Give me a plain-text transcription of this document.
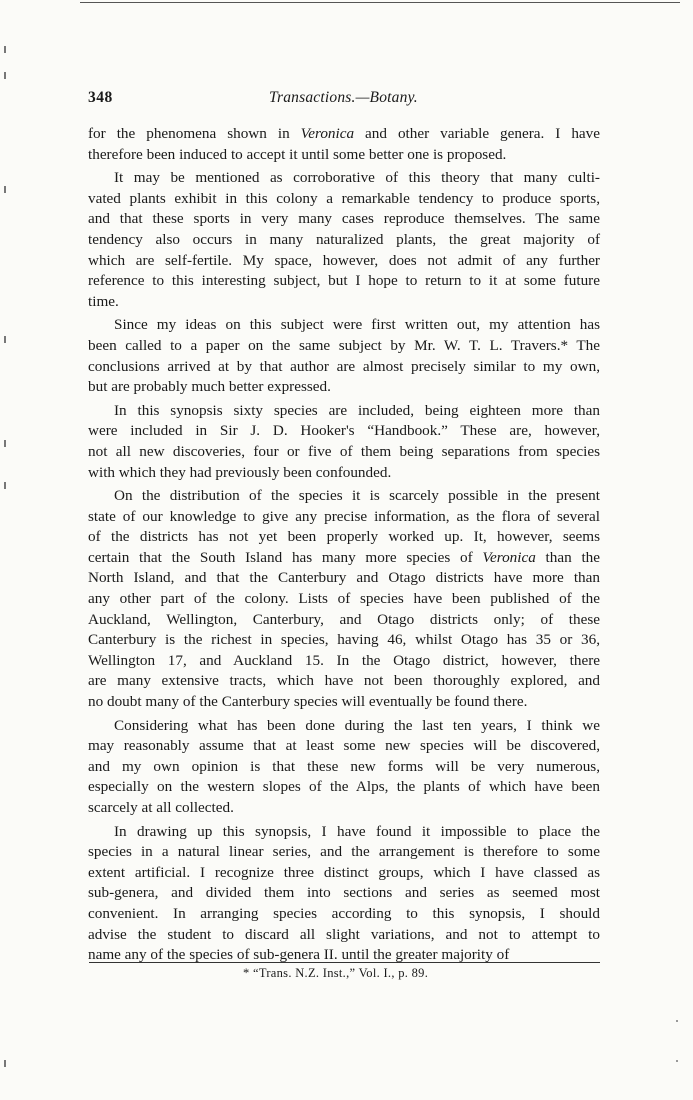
348	Transactions.—Botany.
for the phenomena shown in Veronica and other variable genera. I have
therefore been induced to accept it until some better one is proposed.
It may be mentioned as corroborative of this theory that many culti-
vated plants exhibit in this colony a remarkable tendency to produce sports,
and that these sports in very many cases reproduce themselves. The same
tendency also occurs in many naturalized plants, the great majority of
which are self-fertile. My space, however, does not admit of any further
reference to this interesting subject, but I hope to return to it at some future
time.
Since my ideas on this subject were first written out, my attention has
been called to a paper on the same subject by Mr. W. T. L. Travers.* The
conclusions arrived at by that author are almost precisely similar to my own,
but are probably much better expressed.
In this synopsis sixty species are included, being eighteen more than
were included in Sir J. D. Hooker's “Handbook.” These are, however,
not all new discoveries, four or five of them being separations from species
with which they had previously been confounded.
On the distribution of the species it is scarcely possible in the present
state of our knowledge to give any precise information, as the flora of several
of the districts has not yet been properly worked up. It, however, seems
certain that the South Island has many more species of Veronica than the
North Island, and that the Canterbury and Otago districts have more than
any other part of the colony. Lists of species have been published of the
Auckland, Wellington, Canterbury, and Otago districts only; of these
Canterbury is the richest in species, having 46, whilst Otago has 35 or 36,
Wellington 17, and Auckland 15. In the Otago district, however, there
are many extensive tracts, which have not been thoroughly explored, and
no doubt many of the Canterbury species will eventually be found there.
Considering what has been done during the last ten years, I think we
may reasonably assume that at least some new species will be discovered,
and my own opinion is that these new forms will be very numerous,
especially on the western slopes of the Alps, the plants of which have been
scarcely at all collected.
In drawing up this synopsis, I have found it impossible to place the
species in a natural linear series, and the arrangement is therefore to some
extent artificial. I recognize three distinct groups, which I have classed as
sub-genera, and divided them into sections and series as seemed most
convenient. In arranging species according to this synopsis, I should
advise the student to discard all slight variations, and not to attempt to
name any of the species of sub-genera II. until the greater majority of
* “Trans. N.Z. Inst.,” Vol. I., p. 89.
